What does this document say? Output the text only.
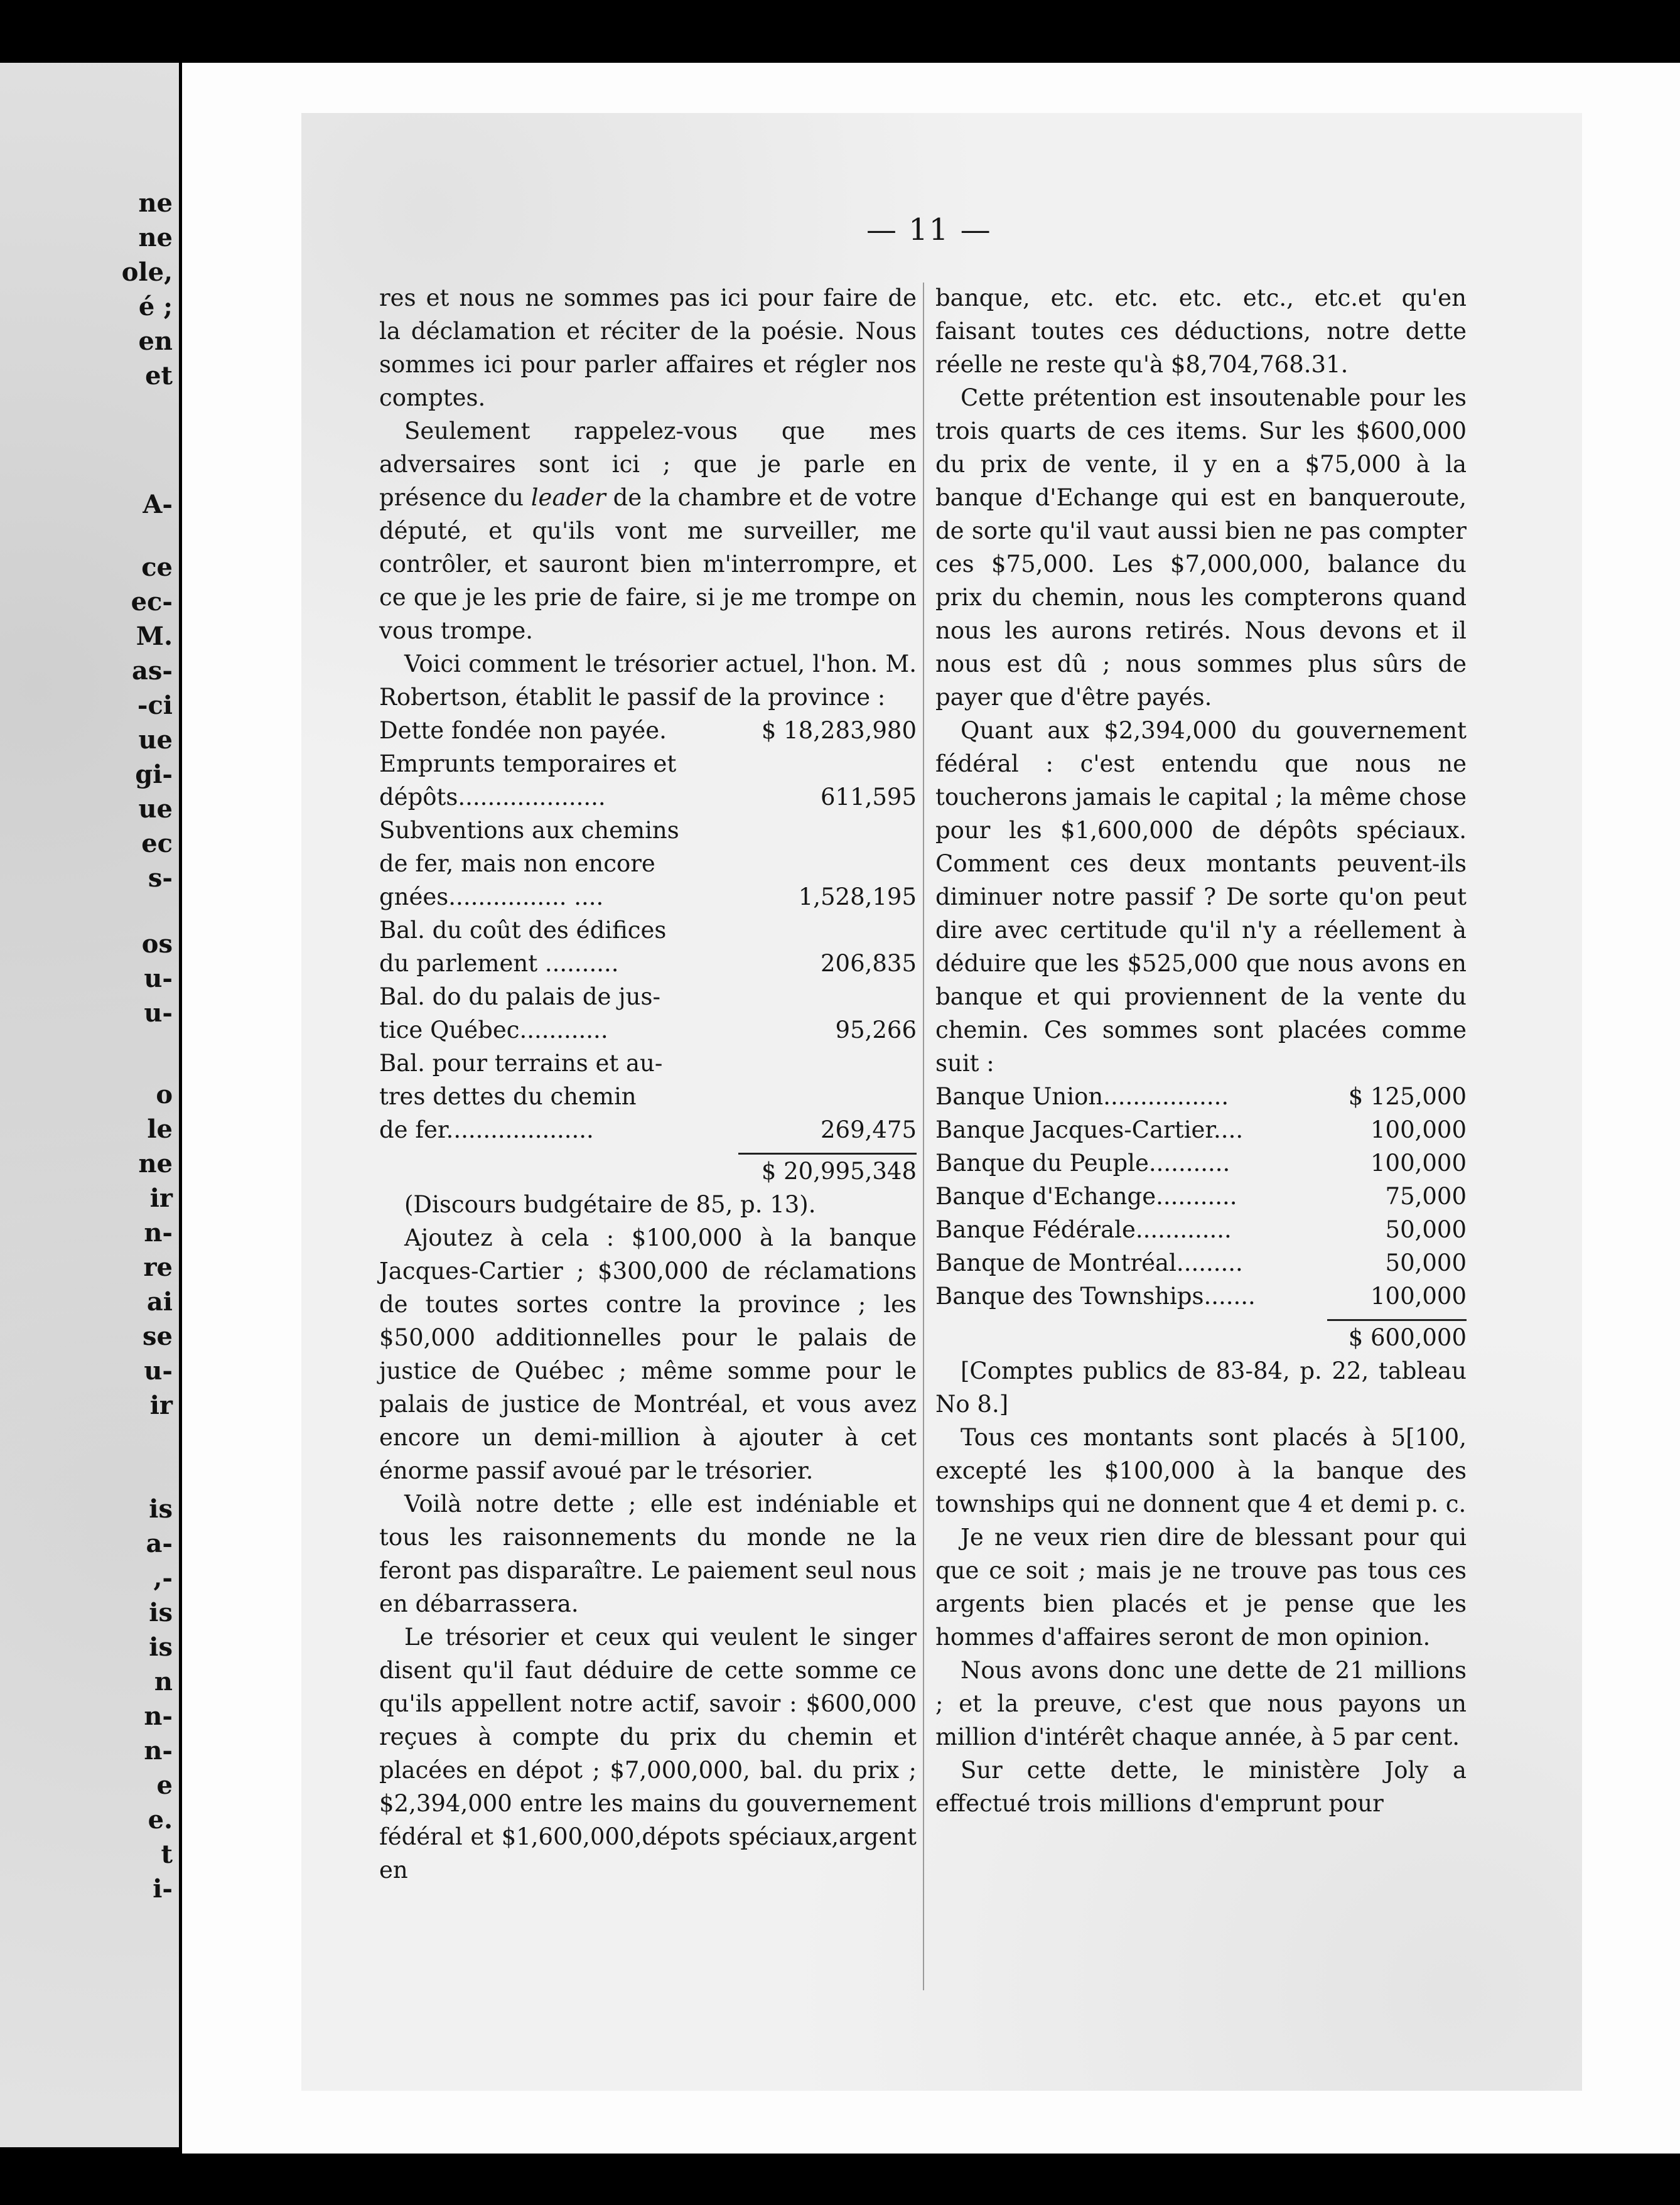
ne
ne
ole,
é ;
en
et
A-
ce
ec-
M.
as-
-ci
ue
gi-
ue
ec
s-
os
u-
u-
o
le
ne
ir
n-
re
ai
se
u-
ir
is
a-
,-
is
is
n
n-
n-
e
e.
t
i-
— 11 —

res et nous ne sommes pas ici pour faire de la déclamation et réciter de la poésie. Nous sommes ici pour parler affaires et régler nos comptes.

Seulement rappelez-vous que mes adversaires sont ici ; que je parle en présence du leader de la chambre et de votre député, et qu'ils vont me surveiller, me contrôler, et sauront bien m'interrompre, et ce que je les prie de faire, si je me trompe on vous trompe.

Voici comment le trésorier actuel, l'hon. M. Robertson, établit le passif de la province :

Dette fondée non payée.	$ 18,283,980
Emprunts temporaires et	
dépôts....................	611,595
Subventions aux chemins	
de fer, mais non encore	
gnées................ ....	1,528,195
Bal. du coût des édifices	
du parlement ..........	206,835
Bal. do du palais de jus-	
tice Québec............	95,266
Bal. pour terrains et au-	
tres dettes du chemin	
de fer....................	269,475

	$ 20,995,348

(Discours budgétaire de 85, p. 13).

Ajoutez à cela : $100,000 à la banque Jacques-Cartier ; $300,000 de réclamations de toutes sortes contre la province ; les $50,000 additionnelles pour le palais de justice de Québec ; même somme pour le palais de justice de Montréal, et vous avez encore un demi-million à ajouter à cet énorme passif avoué par le trésorier.

Voilà notre dette ; elle est indéniable et tous les raisonnements du monde ne la feront pas disparaître. Le paiement seul nous en débarrassera.

Le trésorier et ceux qui veulent le singer disent qu'il faut déduire de cette somme ce qu'ils appellent notre actif, savoir : $600,000 reçues à compte du prix du chemin et placées en dépot ; $7,000,000, bal. du prix ; $2,394,000 entre les mains du gouvernement fédéral et $1,600,000,dépots spéciaux,argent en

banque, etc. etc. etc. etc., etc.et qu'en faisant toutes ces déductions, notre dette réelle ne reste qu'à $8,704,768.31.

Cette prétention est insoutenable pour les trois quarts de ces items. Sur les $600,000 du prix de vente, il y en a $75,000 à la banque d'Echange qui est en banqueroute, de sorte qu'il vaut aussi bien ne pas compter ces $75,000. Les $7,000,000, balance du prix du chemin, nous les compterons quand nous les aurons retirés. Nous devons et il nous est dû ; nous sommes plus sûrs de payer que d'être payés.

Quant aux $2,394,000 du gouvernement fédéral : c'est entendu que nous ne toucherons jamais le capital ; la même chose pour les $1,600,000 de dépôts spéciaux. Comment ces deux montants peuvent-ils diminuer notre passif ? De sorte qu'on peut dire avec certitude qu'il n'y a réellement à déduire que les $525,000 que nous avons en banque et qui proviennent de la vente du chemin. Ces sommes sont placées comme suit :

Banque Union.................	$ 125,000
Banque Jacques-Cartier....	100,000
Banque du Peuple...........	100,000
Banque d'Echange...........	75,000
Banque Fédérale.............	50,000
Banque de Montréal.........	50,000
Banque des Townships.......	100,000

	$ 600,000

[Comptes publics de 83-84, p. 22, tableau No 8.]

Tous ces montants sont placés à 5[100, excepté les $100,000 à la banque des townships qui ne donnent que 4 et demi p. c.

Je ne veux rien dire de blessant pour qui que ce soit ; mais je ne trouve pas tous ces argents bien placés et je pense que les hommes d'affaires seront de mon opinion.

Nous avons donc une dette de 21 millions ; et la preuve, c'est que nous payons un million d'intérêt chaque année, à 5 par cent.

Sur cette dette, le ministère Joly a effectué trois millions d'emprunt pour
